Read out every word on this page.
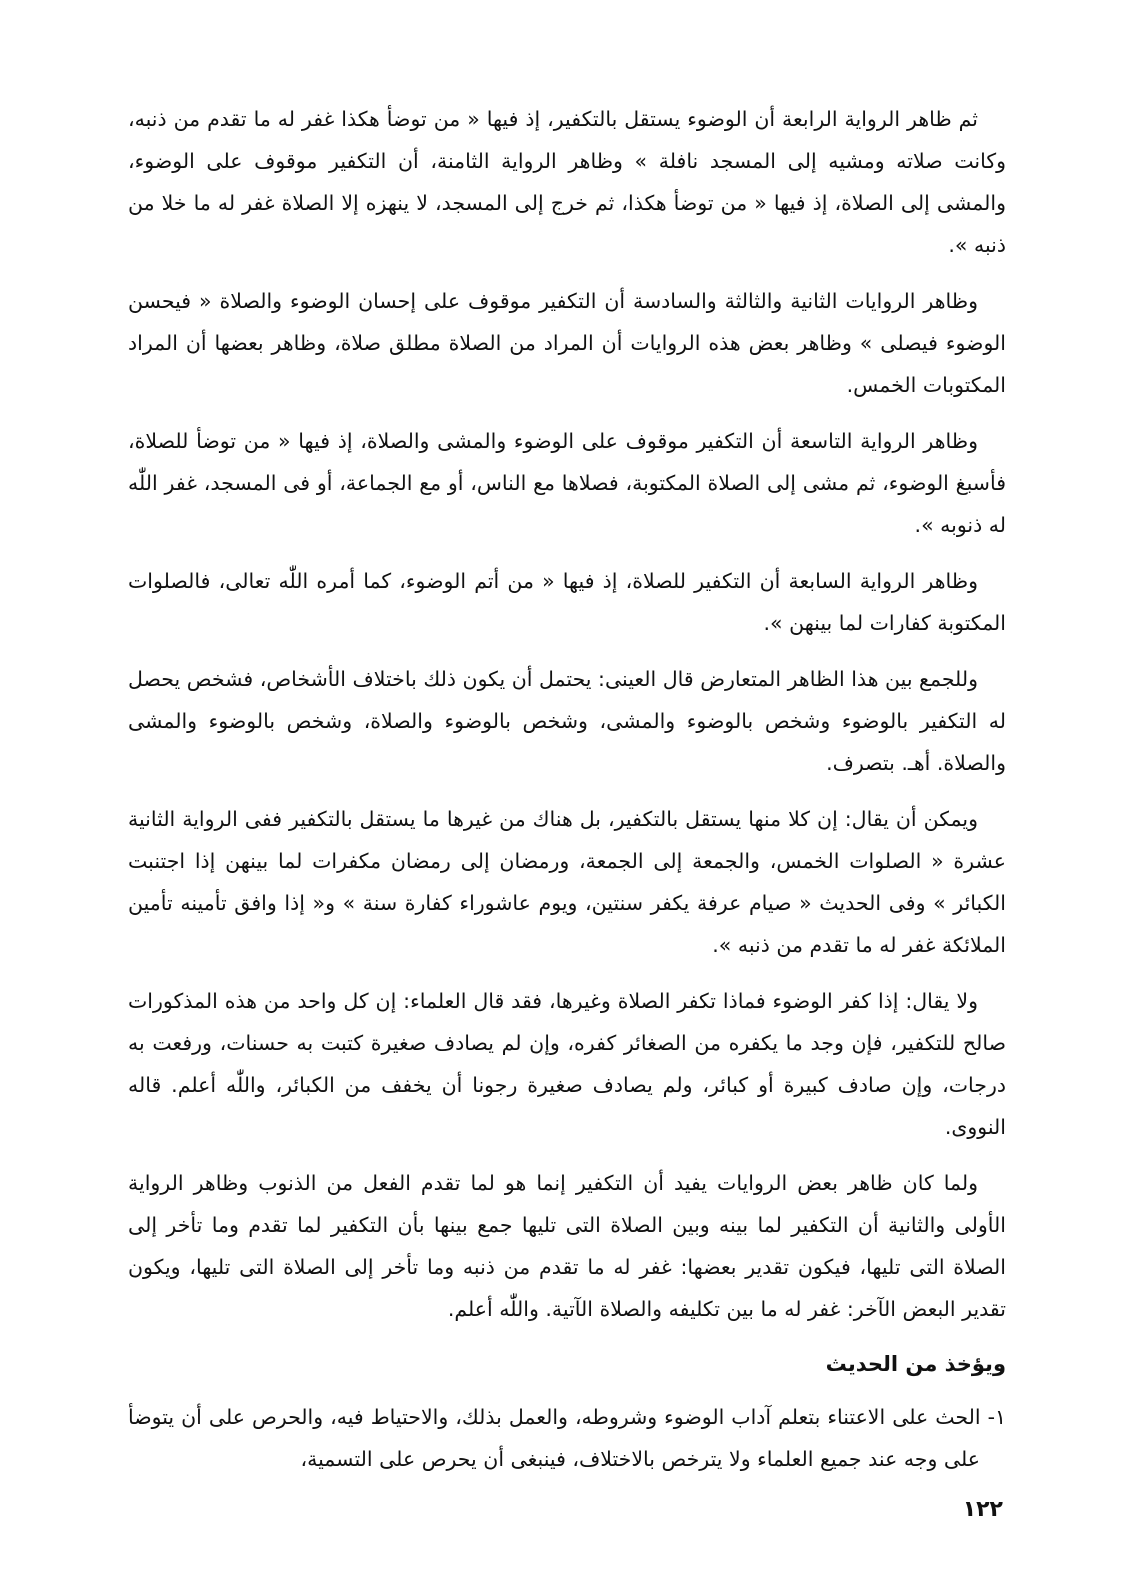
ثم ظاهر الرواية الرابعة أن الوضوء يستقل بالتكفير، إذ فيها « من توضأ هكذا غفر له ما تقدم من ذنبه، وكانت صلاته ومشيه إلى المسجد نافلة » وظاهر الرواية الثامنة، أن التكفير موقوف على الوضوء، والمشى إلى الصلاة، إذ فيها « من توضأ هكذا، ثم خرج إلى المسجد، لا ينهزه إلا الصلاة غفر له ما خلا من ذنبه ».

وظاهر الروايات الثانية والثالثة والسادسة أن التكفير موقوف على إحسان الوضوء والصلاة « فيحسن الوضوء فيصلى » وظاهر بعض هذه الروايات أن المراد من الصلاة مطلق صلاة، وظاهر بعضها أن المراد المكتوبات الخمس.

وظاهر الرواية التاسعة أن التكفير موقوف على الوضوء والمشى والصلاة، إذ فيها « من توضأ للصلاة، فأسبغ الوضوء، ثم مشى إلى الصلاة المكتوبة، فصلاها مع الناس، أو مع الجماعة، أو فى المسجد، غفر اللّٰه له ذنوبه ».

وظاهر الرواية السابعة أن التكفير للصلاة، إذ فيها « من أتم الوضوء، كما أمره اللّٰه تعالى، فالصلوات المكتوبة كفارات لما بينهن ».

وللجمع بين هذا الظاهر المتعارض قال العينى: يحتمل أن يكون ذلك باختلاف الأشخاص، فشخص يحصل له التكفير بالوضوء وشخص بالوضوء والمشى، وشخص بالوضوء والصلاة، وشخص بالوضوء والمشى والصلاة. أهـ. بتصرف.

ويمكن أن يقال: إن كلا منها يستقل بالتكفير، بل هناك من غيرها ما يستقل بالتكفير ففى الرواية الثانية عشرة « الصلوات الخمس، والجمعة إلى الجمعة، ورمضان إلى رمضان مكفرات لما بينهن إذا اجتنبت الكبائر » وفى الحديث « صيام عرفة يكفر سنتين، ويوم عاشوراء كفارة سنة » و« إذا وافق تأمينه تأمين الملائكة غفر له ما تقدم من ذنبه ».

ولا يقال: إذا كفر الوضوء فماذا تكفر الصلاة وغيرها، فقد قال العلماء: إن كل واحد من هذه المذكورات صالح للتكفير، فإن وجد ما يكفره من الصغائر كفره، وإن لم يصادف صغيرة كتبت به حسنات، ورفعت به درجات، وإن صادف كبيرة أو كبائر، ولم يصادف صغيرة رجونا أن يخفف من الكبائر، واللّٰه أعلم. قاله النووى.

ولما كان ظاهر بعض الروايات يفيد أن التكفير إنما هو لما تقدم الفعل من الذنوب وظاهر الرواية الأولى والثانية أن التكفير لما بينه وبين الصلاة التى تليها جمع بينها بأن التكفير لما تقدم وما تأخر إلى الصلاة التى تليها، فيكون تقدير بعضها: غفر له ما تقدم من ذنبه وما تأخر إلى الصلاة التى تليها، ويكون تقدير البعض الآخر: غفر له ما بين تكليفه والصلاة الآتية. واللّٰه أعلم.

ويؤخذ من الحديث

١- الحث على الاعتناء بتعلم آداب الوضوء وشروطه، والعمل بذلك، والاحتياط فيه، والحرص على أن يتوضأ على وجه عند جميع العلماء ولا يترخص بالاختلاف، فينبغى أن يحرص على التسمية،

١٢٢
